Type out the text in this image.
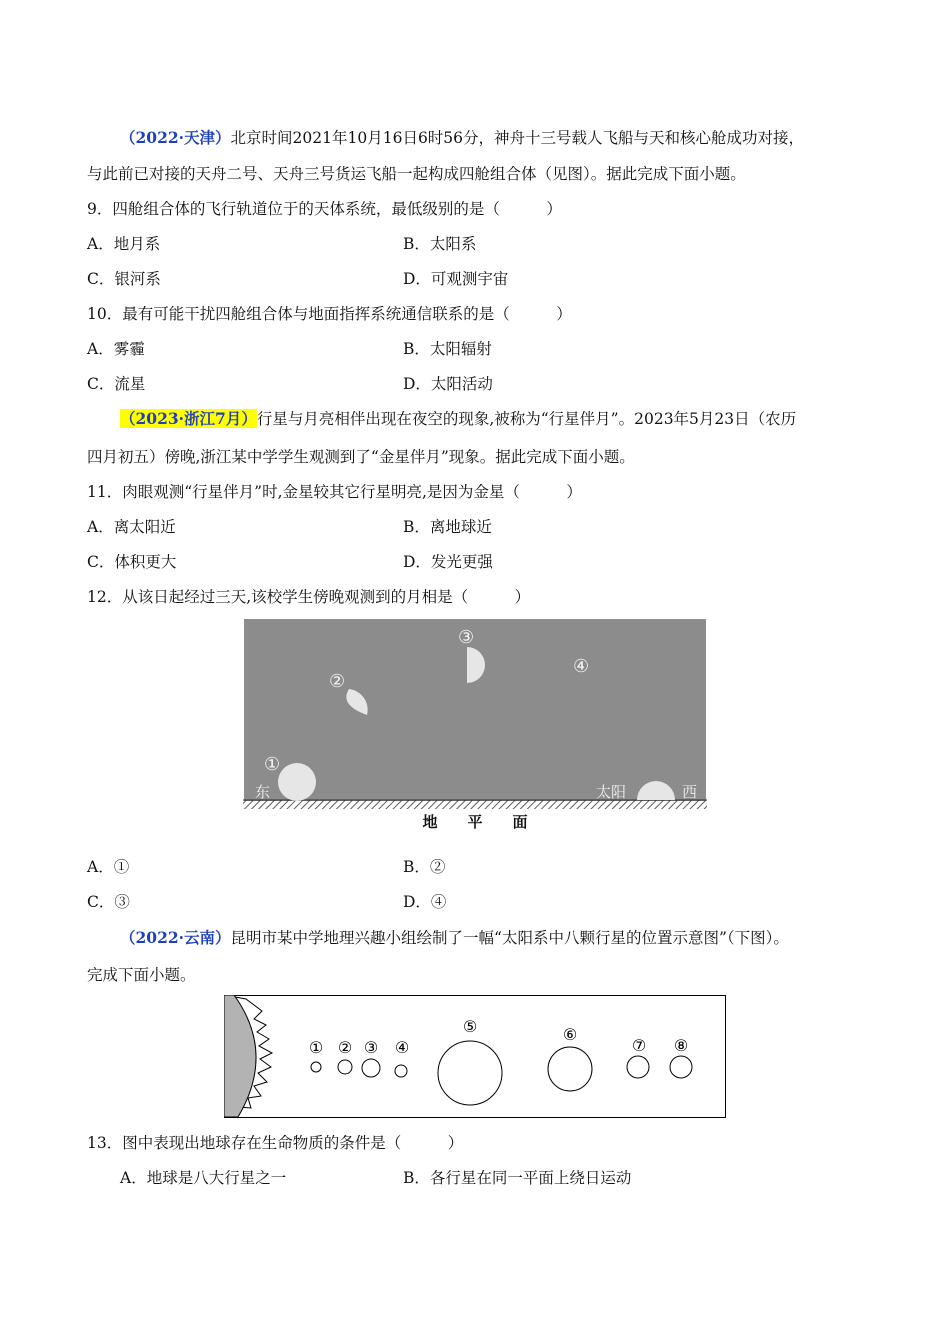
（2022·天津）北京时间2021年10月16日6时56分，神舟十三号载人飞船与天和核心舱成功对接，
与此前已对接的天舟二号、天舟三号货运飞船一起构成四舱组合体（见图）。据此完成下面小题。
9．四舱组合体的飞行轨道位于的天体系统，最低级别的是（　　　）
A．地月系	B．太阳系
C．银河系	D．可观测宇宙
10．最有可能干扰四舱组合体与地面指挥系统通信联系的是（　　　）
A．雾霾	B．太阳辐射
C．流星	D．太阳活动
（2023·浙江7月）行星与月亮相伴出现在夜空的现象,被称为“行星伴月”。2023年5月23日（农历
四月初五）傍晚,浙江某中学学生观测到了“金星伴月”现象。据此完成下面小题。
11．肉眼观测“行星伴月”时,金星较其它行星明亮,是因为金星（　　　）
A．离太阳近	B．离地球近
C．体积更大	D．发光更强
12．从该日起经过三天,该校学生傍晚观测到的月相是（　　　）
①
②
③
④
东	太阳	西
地　　平　　面
A．①	B．②
C．③	D．④
（2022·云南）昆明市某中学地理兴趣小组绘制了一幅“太阳系中八颗行星的位置示意图”（下图）。
完成下面小题。
① ② ③ ④
⑤	⑥
⑦ ⑧
13．图中表现出地球存在生命物质的条件是（　　　）
A．地球是八大行星之一	B．各行星在同一平面上绕日运动
